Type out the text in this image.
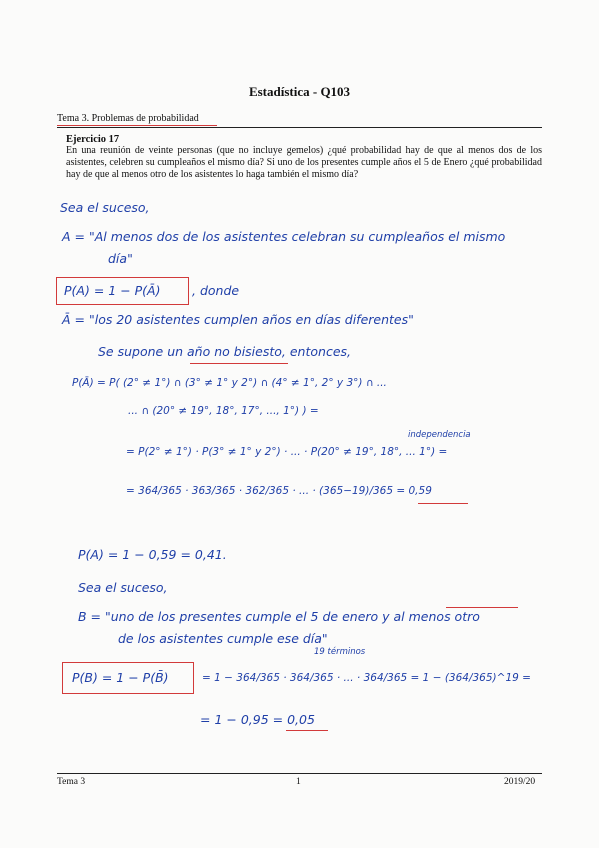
Estadística - Q103
Tema 3. Problemas de probabilidad
Ejercicio 17
En una reunión de veinte personas (que no incluye gemelos) ¿qué probabilidad hay de que al menos dos de los asistentes, celebren su cumpleaños el mismo día? Si uno de los presentes cumple años el 5 de Enero ¿qué probabilidad hay de que al menos otro de los asistentes lo haga también el mismo día?
Sea el suceso,
A = "Al menos dos de los asistentes celebran su cumpleaños el mismo
día"
P(A) = 1 − P(Ā)	, donde
Ā = "los 20 asistentes cumplen años en días diferentes"
Se supone un año no bisiesto, entonces,
P(Ā) = P( (2° ≠ 1°) ∩ (3° ≠ 1° y 2°) ∩ (4° ≠ 1°, 2° y 3°) ∩ ...
... ∩ (20° ≠ 19°, 18°, 17°, ..., 1°) ) =
independencia
= P(2° ≠ 1°) · P(3° ≠ 1° y 2°) · ... · P(20° ≠ 19°, 18°, ... 1°) =
= 364/365 · 363/365 · 362/365 · ... · (365−19)/365 = 0,59
P(A) = 1 − 0,59 = 0,41.
Sea el suceso,
B = "uno de los presentes cumple el 5 de enero y al menos otro
de los asistentes cumple ese día"
19 términos
P(B) = 1 − P(B̄)	= 1 − 364/365 · 364/365 · ... · 364/365 = 1 − (364/365)^19 =
= 1 − 0,95 = 0,05
Tema 3	1	2019/20
